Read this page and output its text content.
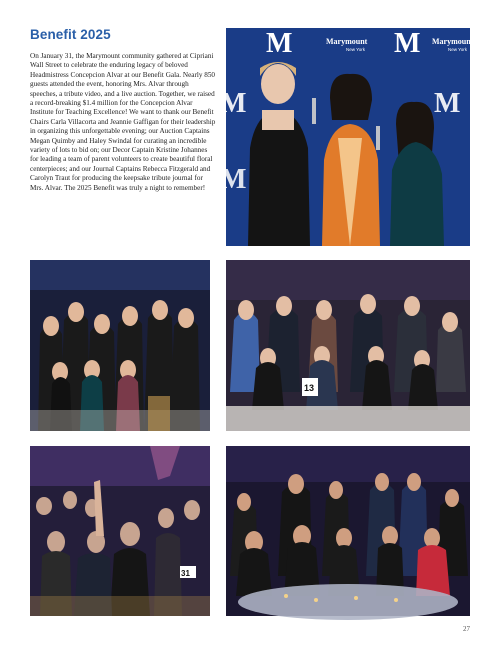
Benefit 2025

On January 31, the Marymount community gathered at Cipriani Wall Street to celebrate the enduring legacy of beloved Headmistress Concepcion Alvar at our Benefit Gala. Nearly 850 guests attended the event, honoring Mrs. Alvar through speeches, a tribute video, and a live auction. Together, we raised a record-breaking $1.4 million for the Concepcion Alvar Institute for Teaching Excellence! We want to thank our Benefit Chairs Carla Villacorta and Jeannie Gaffigan for their leadership in organizing this unforgettable evening; our Auction Captains Megan Quimby and Haley Swindal for curating an incredible variety of lots to bid on; our Decor Captain Kristine Johannes for leading a team of parent volunteers to create beautiful floral centerpieces; and our Journal Captains Rebecca Fitzgerald and Carolyn Traut for producing the keepsake tribute journal for Mrs. Alvar. The 2025 Benefit was truly a night to remember!

M	M
Marymount
New York
Marymount
New York
M	M
M
13
31
27
